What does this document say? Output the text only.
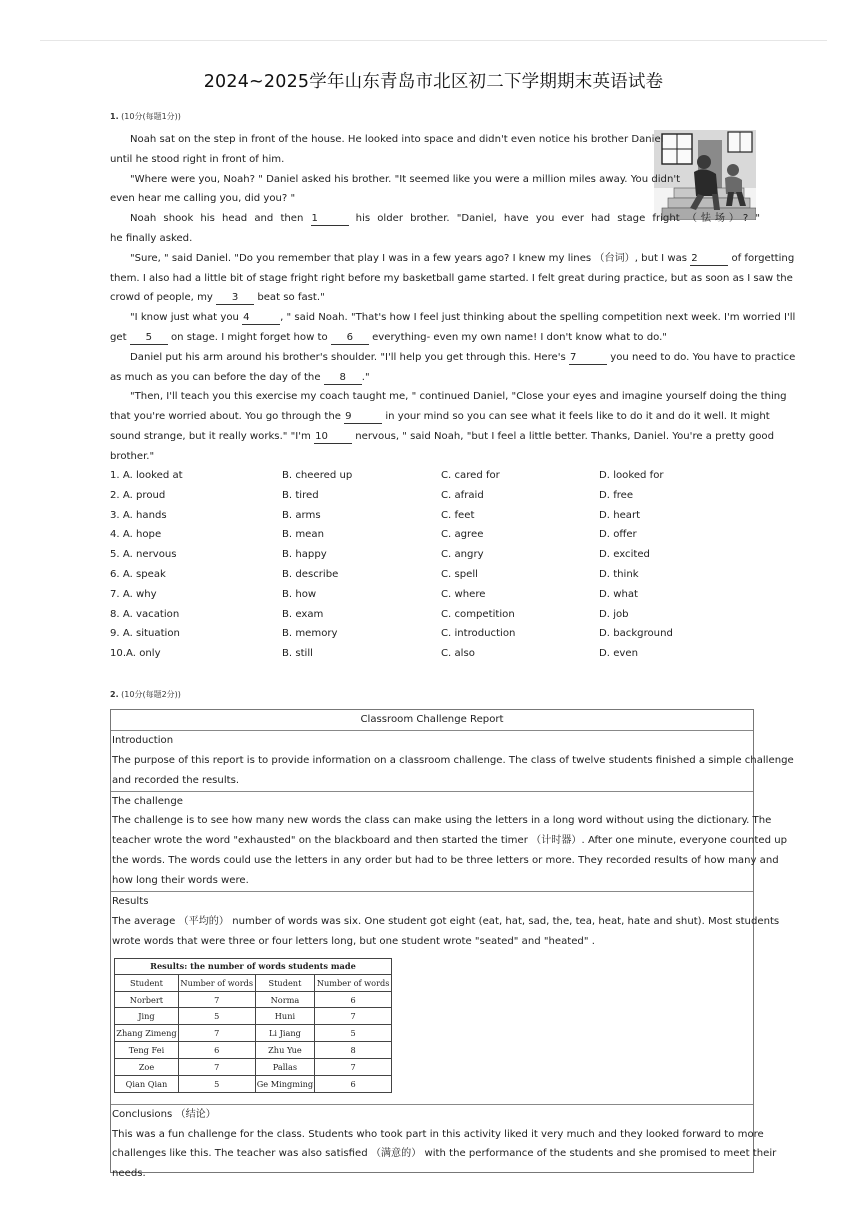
2024~2025学年山东青岛市北区初二下学期期末英语试卷
1. (10分(每题1分))
Noah sat on the step in front of the house. He looked into space and didn't even notice his brother Daniel
until he stood right in front of him.
"Where were you, Noah? " Daniel asked his brother. "It seemed like you were a million miles away. You didn't
even hear me calling you, did you? "
Noah shook his head and then 1	his older brother. "Daniel, have you ever had stage fright （怯场）? "
he finally asked.
"Sure, " said Daniel. "Do you remember that play I was in a few years ago? I knew my lines （台词）, but I was 2	of forgetting
them. I also had a little bit of stage fright right before my basketball game started. I felt great during practice, but as soon as I saw the
crowd of people, my 3 beat so fast."
"I know just what you 4	, " said Noah. "That's how I feel just thinking about the spelling competition next week. I'm worried I'll
get 5 on stage. I might forget how to 6 everything- even my own name! I don't know what to do."
Daniel put his arm around his brother's shoulder. "I'll help you get through this. Here's 7	you need to do. You have to practice
as much as you can before the day of the 8 ."
"Then, I'll teach you this exercise my coach taught me, " continued Daniel, "Close your eyes and imagine yourself doing the thing
that you're worried about. You go through the 9	in your mind so you can see what it feels like to do it and do it well. It might
sound strange, but it really works." "I'm 10 nervous, " said Noah, "but I feel a little better. Thanks, Daniel. You're a pretty good
brother."
1. A. looked at	B. cheered up	C. cared for	D. looked for
2. A. proud	B. tired	C. afraid	D. free
3. A. hands	B. arms	C. feet	D. heart
4. A. hope	B. mean	C. agree	D. offer
5. A. nervous	B. happy	C. angry	D. excited
6. A. speak	B. describe	C. spell	D. think
7. A. why	B. how	C. where	D. what
8. A. vacation	B. exam	C. competition	D. job
9. A. situation	B. memory	C. introduction	D. background
10.A. only	B. still	C. also	D. even
2. (10分(每题2分))
Classroom Challenge Report
Introduction
The purpose of this report is to provide information on a classroom challenge. The class of twelve students finished a simple challenge
and recorded the results.
The challenge
The challenge is to see how many new words the class can make using the letters in a long word without using the dictionary. The
teacher wrote the word "exhausted" on the blackboard and then started the timer （计时器）. After one minute, everyone counted up
the words. The words could use the letters in any order but had to be three letters or more. They recorded results of how many and
how long their words were.
Results
The average （平均的） number of words was six. One student got eight (eat, hat, sad, the, tea, heat, hate and shut). Most students
wrote words that were three or four letters long, but one student wrote "seated" and "heated" .
Results: the number of words students made
Student	Number of words	Student	Number of words
Norbert	7	Norma	6
Jing	5	Huni	7
Zhang Zimeng	7	Li Jiang	5
Teng Fei	6	Zhu Yue	8
Zoe	7	Pallas	7
Qian Qian	5	Ge Mingming	6
Conclusions （结论）
This was a fun challenge for the class. Students who took part in this activity liked it very much and they looked forward to more
challenges like this. The teacher was also satisfied （满意的） with the performance of the students and she promised to meet their
needs.
